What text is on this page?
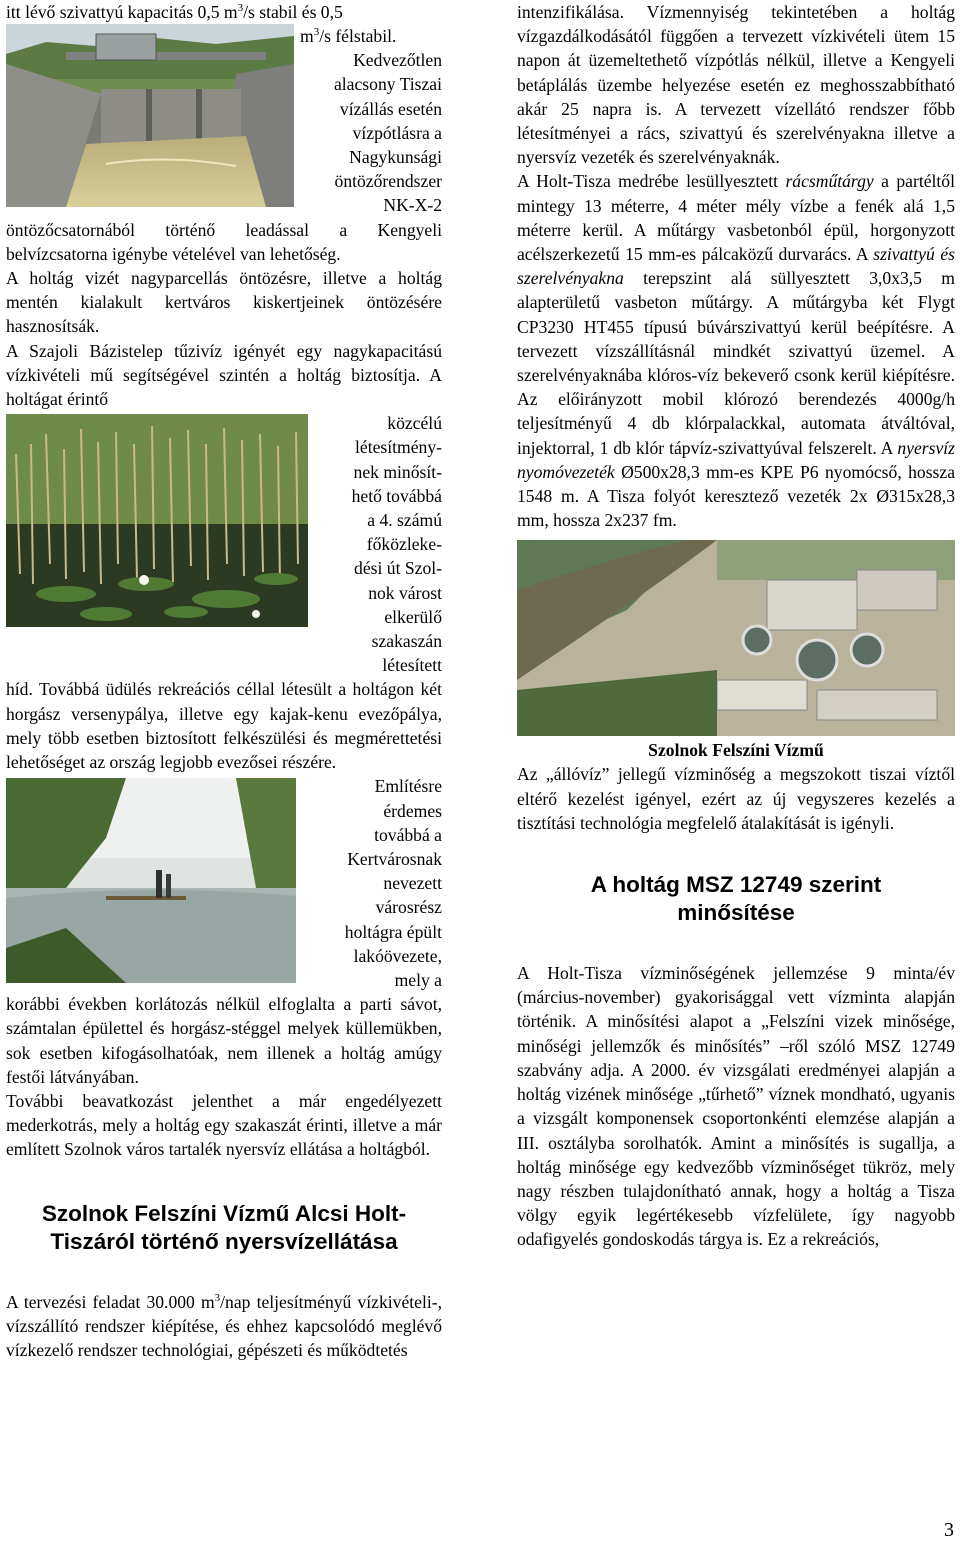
itt lévő szivattyú kapacitás 0,5 $m^3/s$ stabil és 0,5

$m^3/s$ félstabil.

Kedvezőtlen
alacsony Tiszai
vízállás esetén
vízpótlásra a
Nagykunsági
öntözőrendszer
NK-X-2

öntözőcsatornából történő leadással a Kengyeli belvízcsatorna igénybe vételével van lehetőség.

A holtág vizét nagyparcellás öntözésre, illetve a holtág mentén kialakult kertváros kiskertjeinek öntözésére hasznosítsák.

A Szajoli Bázistelep tűzivíz igényét egy nagykapacitású vízkivételi mű segítségével szintén a holtág biztosítja. A holtágat érintő

közcélú
létesítmény-
nek minősít-
hető továbbá
a 4. számú
főközleke-
dési út Szol-
nok várost
elkerülő
szakaszán
létesített

híd. Továbbá üdülés rekreációs céllal létesült a holtágon két horgász versenypálya, illetve egy kajak-kenu evezőpálya, mely több esetben biztosított felkészülési és megmérettetési lehetőséget az ország legjobb evezősei részére.

Említésre
érdemes
továbbá a
Kertvárosnak
nevezett
városrész
holtágra épült
lakóövezete,
mely a

korábbi években korlátozás nélkül elfoglalta a parti sávot, számtalan épülettel és horgász-stéggel melyek küllemükben, sok esetben kifogásolhatóak, nem illenek a holtág amúgy festői látványában.

További beavatkozást jelenthet a már engedélyezett mederkotrás, mely a holtág egy szakaszát érinti, illetve a már említett Szolnok város tartalék nyersvíz ellátása a holtágból.

Szolnok Felszíni Vízmű Alcsi Holt-Tiszáról történő nyersvízellátása

A tervezési feladat 30.000 $m^3$/nap teljesítményű vízkivételi-, vízszállító rendszer kiépítése, és ehhez kapcsolódó meglévő vízkezelő rendszer technológiai, gépészeti és működtetés

intenzifikálása. Vízmennyiség tekintetében a holtág vízgazdálkodásától függően a tervezett vízkivételi ütem 15 napon át üzemeltethető vízpótlás nélkül, illetve a Kengyeli betáplálás üzembe helyezése esetén ez meghosszabbítható akár 25 napra is. A tervezett vízellátó rendszer főbb létesítményei a rács, szivattyú és szerelvényakna illetve a nyersvíz vezeték és szerelvényaknák.

A Holt-Tisza medrébe lesüllyesztett rácsműtárgy a partéltől mintegy 13 méterre, 4 méter mély vízbe a fenék alá 1,5 méterre kerül. A műtárgy vasbetonból épül, horgonyzott acélszerkezetű 15 mm-es pálcaközű durvarács. A szivattyú és szerelvényakna terepszint alá süllyesztett 3,0x3,5 m alapterületű vasbeton műtárgy. A műtárgyba két Flygt CP3230 HT455 típusú búvárszivattyú kerül beépítésre. A tervezett vízszállításnál mindkét szivattyú üzemel. A szerelvényaknába klóros-víz bekeverő csonk kerül kiépítésre. Az előirányzott mobil klórozó berendezés 4000g/h teljesítményű 4 db klórpalackkal, automata átváltóval, injektorral, 1 db klór tápvíz-szivattyúval felszerelt. A nyersvíz nyomóvezeték Ø500x28,3 mm-es KPE P6 nyomócső, hossza 1548 m. A Tisza folyót keresztező vezeték 2x Ø315x28,3 mm, hossza 2x237 fm.

Szolnok Felszíni Vízmű

Az „állóvíz” jellegű vízminőség a megszokott tiszai víztől eltérő kezelést igényel, ezért az új vegyszeres kezelés a tisztítási technológia megfelelő átalakítását is igényli.

A holtág MSZ 12749 szerint minősítése

A Holt-Tisza vízminőségének jellemzése 9 minta/év (március-november) gyakorisággal vett vízminta alapján történik. A minősítési alapot a „Felszíni vizek minősége, minőségi jellemzők és minősítés” –ről szóló MSZ 12749 szabvány adja. A 2000. év vizsgálati eredményei alapján a holtág vizének minősége „tűrhető” víznek mondható, ugyanis a vizsgált komponensek csoportonkénti elemzése alapján a III. osztályba sorolhatók. Amint a minősítés is sugallja, a holtág minősége egy kedvezőbb vízminőséget tükröz, mely nagy részben tulajdonítható annak, hogy a holtág a Tisza völgy egyik legértékesebb vízfelülete, így nagyobb odafigyelés gondoskodás tárgya is. Ez a rekreációs,

3
